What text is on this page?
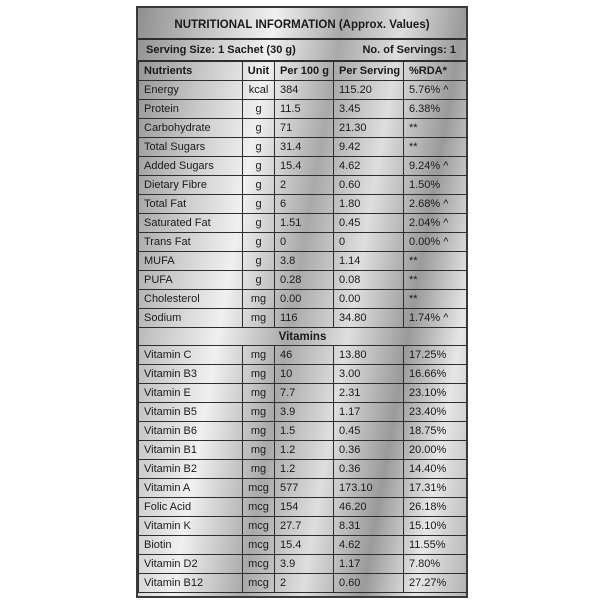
NUTRITIONAL INFORMATION (Approx. Values)
Serving Size: 1 Sachet (30 g)	No. of Servings: 1
Nutrients	Unit	Per 100 g	Per Serving	%RDA*
Energy	kcal	384	115.20	5.76% ^
Protein	g	11.5	3.45	6.38%
Carbohydrate	g	71	21.30	**
Total Sugars	g	31.4	9.42	**
Added Sugars	g	15.4	4.62	9.24% ^
Dietary Fibre	g	2	0.60	1.50%
Total Fat	g	6	1.80	2.68% ^
Saturated Fat	g	1.51	0.45	2.04% ^
Trans Fat	g	0	0	0.00% ^
MUFA	g	3.8	1.14	**
PUFA	g	0.28	0.08	**
Cholesterol	mg	0.00	0.00	**
Sodium	mg	116	34.80	1.74% ^
Vitamins				
Vitamin C	mg	46	13.80	17.25%
Vitamin B3	mg	10	3.00	16.66%
Vitamin E	mg	7.7	2.31	23.10%
Vitamin B5	mg	3.9	1.17	23.40%
Vitamin B6	mg	1.5	0.45	18.75%
Vitamin B1	mg	1.2	0.36	20.00%
Vitamin B2	mg	1.2	0.36	14.40%
Vitamin A	mcg	577	173.10	17.31%
Folic Acid	mcg	154	46.20	26.18%
Vitamin K	mcg	27.7	8.31	15.10%
Biotin	mcg	15.4	4.62	11.55%
Vitamin D2	mcg	3.9	1.17	7.80%
Vitamin B12	mcg	2	0.60	27.27%
